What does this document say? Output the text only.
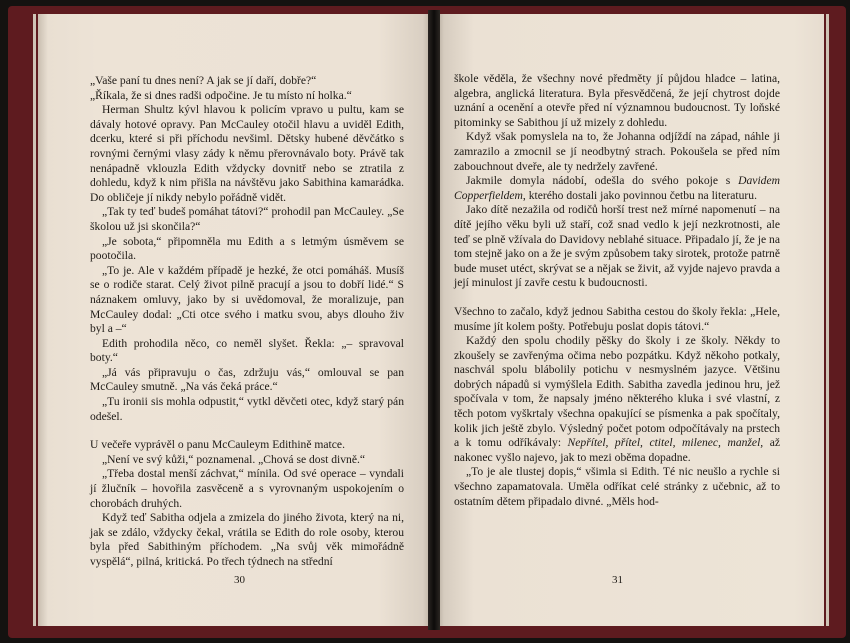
„Vaše paní tu dnes není? A jak se jí daří, dobře?“

„Říkala, že si dnes radši odpočine. Je tu místo ní holka.“

Herman Shultz kývl hlavou k policím vpravo u pultu, kam se dávaly hotové opravy. Pan McCauley otočil hlavu a uviděl Edith, dcerku, které si při příchodu nevšiml. Dětsky hubené děvčátko s rovnými černými vlasy zády k němu přerovnávalo boty. Právě tak nenápadně vklouzla Edith vždycky dovnitř nebo se ztratila z dohledu, když k nim přišla na návštěvu jako Sabithina kamarádka. Do obličeje jí nikdy nebylo pořádně vidět.

„Tak ty teď budeš pomáhat tátovi?“ prohodil pan McCauley. „Se školou už jsi skončila?“

„Je sobota,“ připomněla mu Edith a s letmým úsměvem se pootočila.

„To je. Ale v každém případě je hezké, že otci pomáháš. Musíš se o rodiče starat. Celý život pilně pracují a jsou to dobří lidé.“ S náznakem omluvy, jako by si uvědomoval, že moralizuje, pan McCauley dodal: „Cti otce svého i matku svou, abys dlouho živ byl a –“

Edith prohodila něco, co neměl slyšet. Řekla: „– spravoval boty.“

„Já vás připravuju o čas, zdržuju vás,“ omlouval se pan McCauley smutně. „Na vás čeká práce.“

„Tu ironii sis mohla odpustit,“ vytkl děvčeti otec, když starý pán odešel.

U večeře vyprávěl o panu McCauleym Edithině matce.

„Není ve svý kůži,“ poznamenal. „Chová se dost divně.“

„Třeba dostal menší záchvat,“ mínila. Od své operace – vyndali jí žlučník – hovořila zasvěceně a s vyrovnaným uspokojením o chorobách druhých.

Když teď Sabitha odjela a zmizela do jiného života, který na ni, jak se zdálo, vždycky čekal, vrátila se Edith do role osoby, kterou byla před Sabithiným příchodem. „Na svůj věk mimořádně vyspělá“, pilná, kritická. Po třech týdnech na střední

30

škole věděla, že všechny nové předměty jí půjdou hladce – latina, algebra, anglická literatura. Byla přesvědčená, že její chytrost dojde uznání a ocenění a otevře před ní významnou budoucnost. Ty loňské pitominky se Sabithou jí už mizely z dohledu.

Když však pomyslela na to, že Johanna odjíždí na západ, náhle ji zamrazilo a zmocnil se jí neodbytný strach. Pokoušela se před ním zabouchnout dveře, ale ty nedržely zavřené.

Jakmile domyla nádobí, odešla do svého pokoje s Davidem Copperfieldem, kterého dostali jako povinnou četbu na literaturu.

Jako dítě nezažila od rodičů horší trest než mírné napomenutí – na dítě jejího věku byli už staří, což snad vedlo k její nezkrotnosti, ale teď se plně vžívala do Davidovy neblahé situace. Připadalo jí, že je na tom stejně jako on a že je svým způsobem taky sirotek, protože patrně bude muset utéct, skrývat se a nějak se živit, až vyjde najevo pravda a její minulost jí zavře cestu k budoucnosti.

Všechno to začalo, když jednou Sabitha cestou do školy řekla: „Hele, musíme jít kolem pošty. Potřebuju poslat dopis tátovi.“

Každý den spolu chodily pěšky do školy i ze školy. Někdy to zkoušely se zavřenýma očima nebo pozpátku. Když někoho potkaly, naschvál spolu blábolily potichu v nesmyslném jazyce. Většinu dobrých nápadů si vymýšlela Edith. Sabitha zavedla jedinou hru, jež spočívala v tom, že napsaly jméno některého kluka i své vlastní, z těch potom vyškrtaly všechna opakující se písmenka a pak spočítaly, kolik jich ještě zbylo. Výsledný počet potom odpočítávaly na prstech a k tomu odříkávaly: Nepřítel, přítel, ctitel, milenec, manžel, až nakonec vyšlo najevo, jak to mezi oběma dopadne.

„To je ale tlustej dopis,“ všimla si Edith. Té nic neušlo a rychle si všechno zapamatovala. Uměla odříkat celé stránky z učebnic, až to ostatním dětem připadalo divné. „Měls hod-

31
